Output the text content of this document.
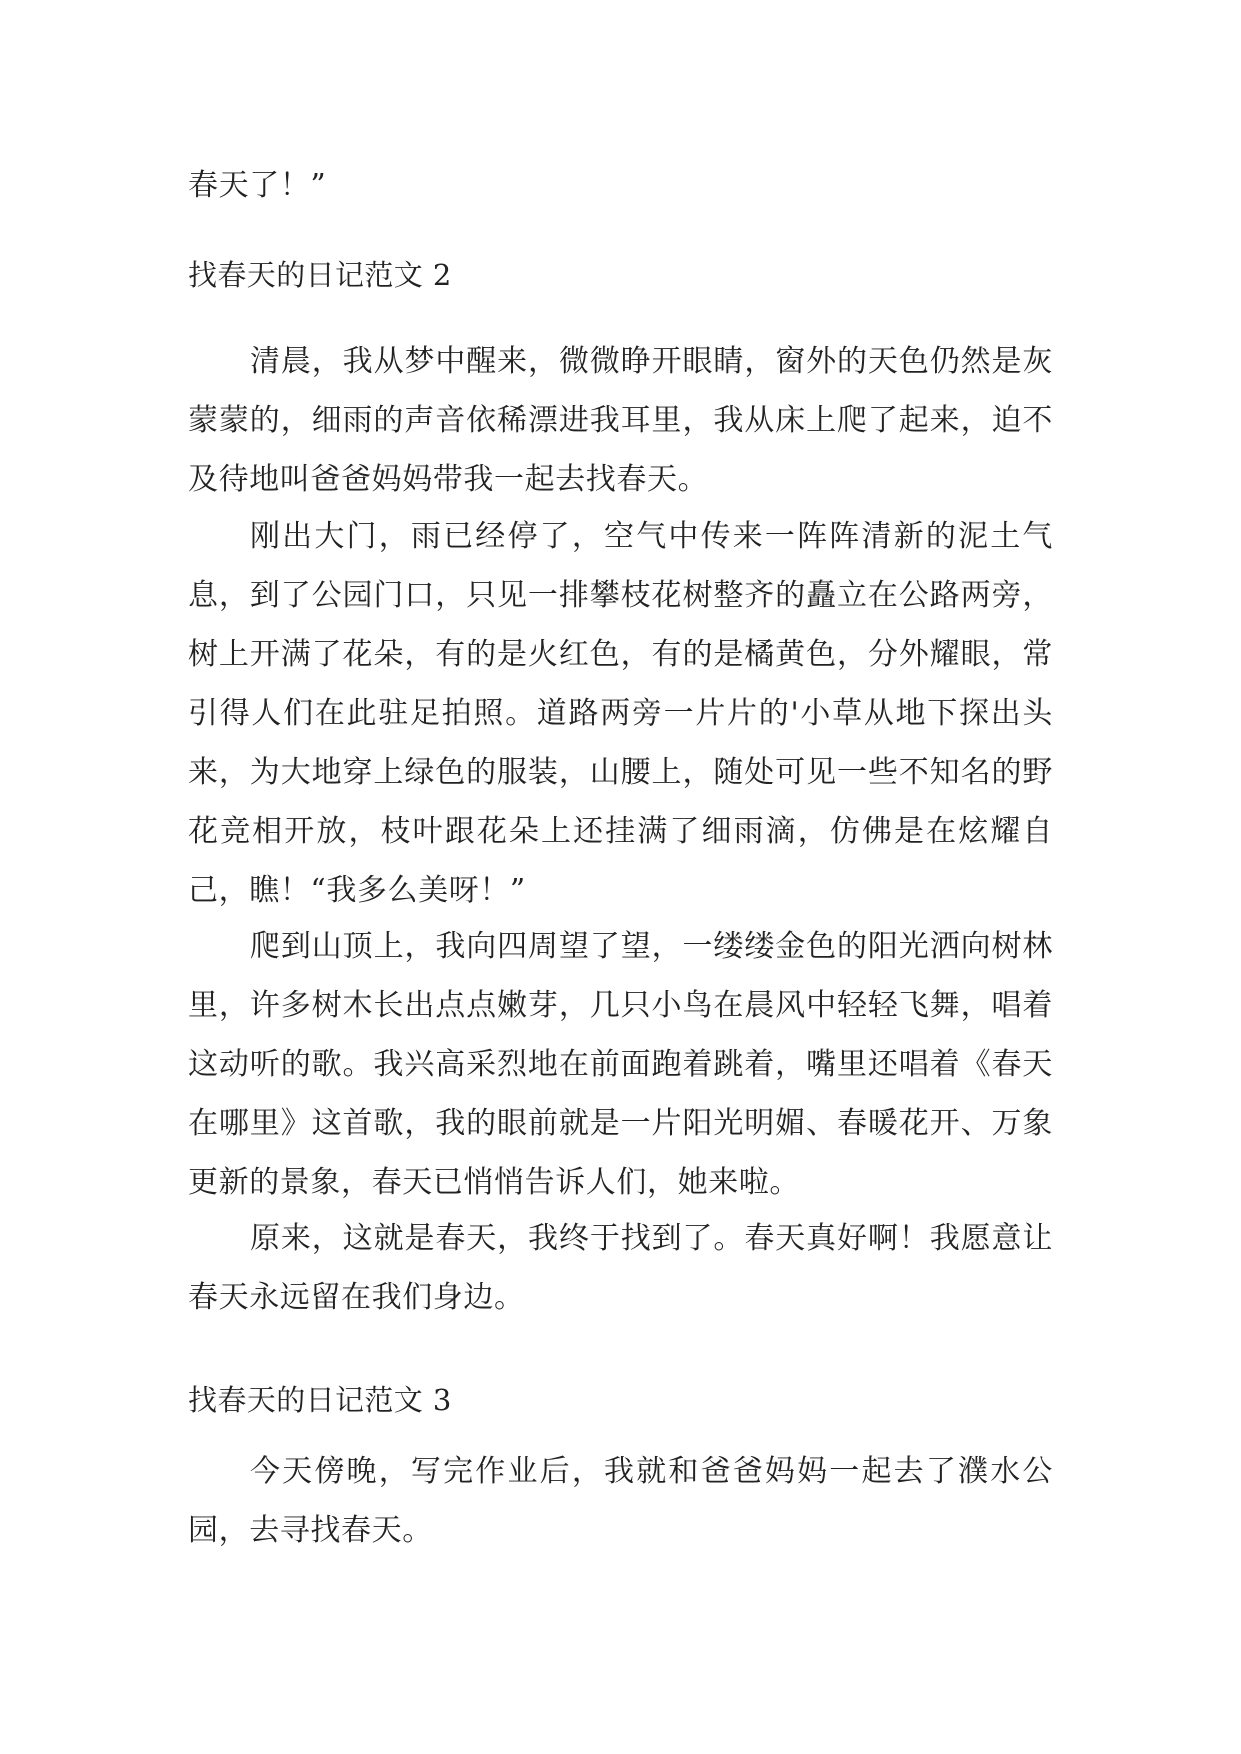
春天了！”
找春天的日记范文 2
清晨，我从梦中醒来，微微睁开眼睛，窗外的天色仍然是灰蒙蒙的，细雨的声音依稀漂进我耳里，我从床上爬了起来，迫不及待地叫爸爸妈妈带我一起去找春天。
刚出大门，雨已经停了，空气中传来一阵阵清新的泥土气息，到了公园门口，只见一排攀枝花树整齐的矗立在公路两旁，树上开满了花朵，有的是火红色，有的是橘黄色，分外耀眼，常引得人们在此驻足拍照。道路两旁一片片的'小草从地下探出头来，为大地穿上绿色的服装，山腰上，随处可见一些不知名的野花竞相开放，枝叶跟花朵上还挂满了细雨滴，仿佛是在炫耀自己，瞧！“我多么美呀！”
爬到山顶上，我向四周望了望，一缕缕金色的阳光洒向树林里，许多树木长出点点嫩芽，几只小鸟在晨风中轻轻飞舞，唱着这动听的歌。我兴高采烈地在前面跑着跳着，嘴里还唱着《春天在哪里》这首歌，我的眼前就是一片阳光明媚、春暖花开、万象更新的景象，春天已悄悄告诉人们，她来啦。
原来，这就是春天，我终于找到了。春天真好啊！我愿意让春天永远留在我们身边。
找春天的日记范文 3
今天傍晚，写完作业后，我就和爸爸妈妈一起去了濮水公园，去寻找春天。
